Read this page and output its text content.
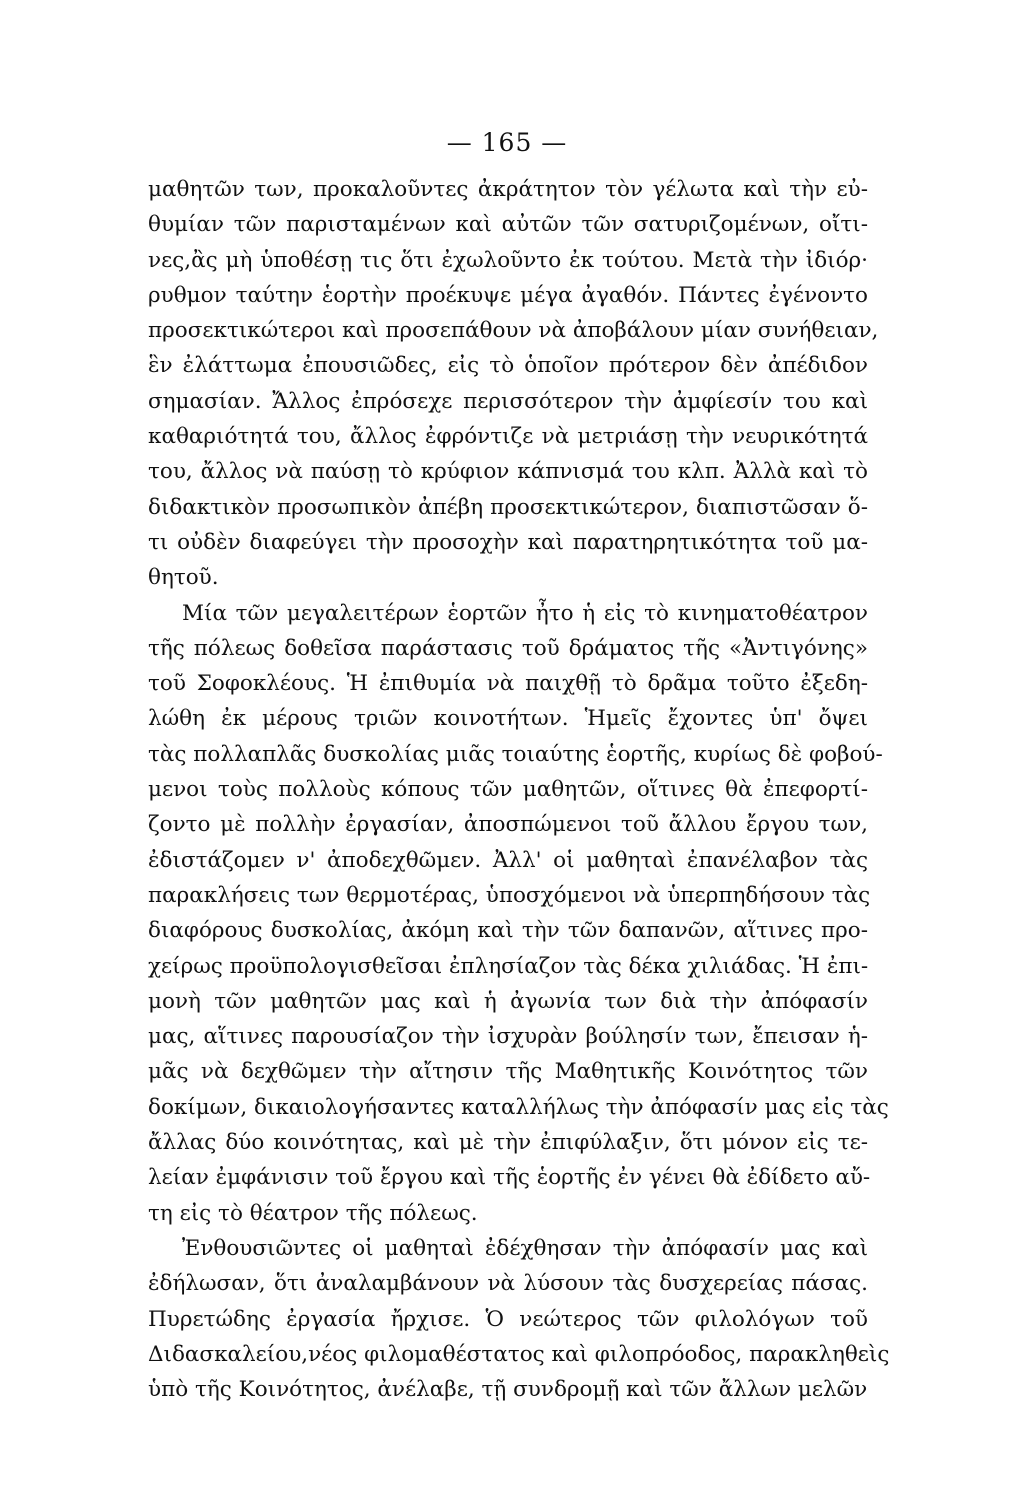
— 165 —
μαθητῶν των, προκαλοῦντες ἀκράτητον τὸν γέλωτα καὶ τὴν εὐ-
θυμίαν τῶν παρισταμένων καὶ αὐτῶν τῶν σατυριζομένων, οἴτι-
νες,ἂς μὴ ὑποθέσῃ τις ὅτι ἐχωλοῦντο ἐκ τούτου. Μετὰ τὴν ἰδιόρ·
ρυθμον ταύτην ἑορτὴν προέκυψε μέγα ἀγαθόν. Πάντες ἐγένοντο
προσεκτικώτεροι καὶ προσεπάθουν νὰ ἀποβάλουν μίαν συνήθειαν,
ἓν ἐλάττωμα ἐπουσιῶδες, εἰς τὸ ὁποῖον πρότερον δὲν ἀπέδιδον
σημασίαν. Ἄλλος ἐπρόσεχε περισσότερον τὴν ἀμφίεσίν του καὶ
καθαριότητά του, ἄλλος ἐφρόντιζε νὰ μετριάσῃ τὴν νευρικότητά
του, ἄλλος νὰ παύσῃ τὸ κρύφιον κάπνισμά του κλπ. Ἀλλὰ καὶ τὸ
διδακτικὸν προσωπικὸν ἀπέβη προσεκτικώτερον, διαπιστῶσαν ὅ-
τι οὐδὲν διαφεύγει τὴν προσοχὴν καὶ παρατηρητικότητα τοῦ μα-
θητοῦ.
Μία τῶν μεγαλειτέρων ἑορτῶν ἦτο ἡ εἰς τὸ κινηματοθέατρον
τῆς πόλεως δοθεῖσα παράστασις τοῦ δράματος τῆς «Ἀντιγόνης»
τοῦ Σοφοκλέους. Ἡ ἐπιθυμία νὰ παιχθῇ τὸ δρᾶμα τοῦτο ἐξεδη-
λώθη ἐκ μέρους τριῶν κοινοτήτων. Ἡμεῖς ἔχοντες ὑπ' ὄψει
τὰς πολλαπλᾶς δυσκολίας μιᾶς τοιαύτης ἑορτῆς, κυρίως δὲ φοβού-
μενοι τοὺς πολλοὺς κόπους τῶν μαθητῶν, οἵτινες θὰ ἐπεφορτί-
ζοντο μὲ πολλὴν ἐργασίαν, ἀποσπώμενοι τοῦ ἄλλου ἔργου των,
ἐδιστάζομεν ν' ἀποδεχθῶμεν. Ἀλλ' οἱ μαθηταὶ ἐπανέλαβον τὰς
παρακλήσεις των θερμοτέρας, ὑποσχόμενοι νὰ ὑπερπηδήσουν τὰς
διαφόρους δυσκολίας, ἀκόμη καὶ τὴν τῶν δαπανῶν, αἵτινες προ-
χείρως προϋπολογισθεῖσαι ἐπλησίαζον τὰς δέκα χιλιάδας. Ἡ ἐπι-
μονὴ τῶν μαθητῶν μας καὶ ἡ ἀγωνία των διὰ τὴν ἀπόφασίν
μας, αἵτινες παρουσίαζον τὴν ἰσχυρὰν βούλησίν των, ἔπεισαν ἡ-
μᾶς νὰ δεχθῶμεν τὴν αἴτησιν τῆς Μαθητικῆς Κοινότητος τῶν
δοκίμων, δικαιολογήσαντες καταλλήλως τὴν ἀπόφασίν μας εἰς τὰς
ἄλλας δύο κοινότητας, καὶ μὲ τὴν ἐπιφύλαξιν, ὅτι μόνον εἰς τε-
λείαν ἐμφάνισιν τοῦ ἔργου καὶ τῆς ἑορτῆς ἐν γένει θὰ ἐδίδετο αὔ-
τη εἰς τὸ θέατρον τῆς πόλεως.
Ἐνθουσιῶντες οἱ μαθηταὶ ἐδέχθησαν τὴν ἀπόφασίν μας καὶ
ἐδήλωσαν, ὅτι ἀναλαμβάνουν νὰ λύσουν τὰς δυσχερείας πάσας.
Πυρετώδης ἐργασία ἤρχισε. Ὁ νεώτερος τῶν φιλολόγων τοῦ
Διδασκαλείου,νέος φιλομαθέστατος καὶ φιλοπρόοδος, παρακληθεὶς
ὑπὸ τῆς Κοινότητος, ἀνέλαβε, τῇ συνδρομῇ καὶ τῶν ἄλλων μελῶν
